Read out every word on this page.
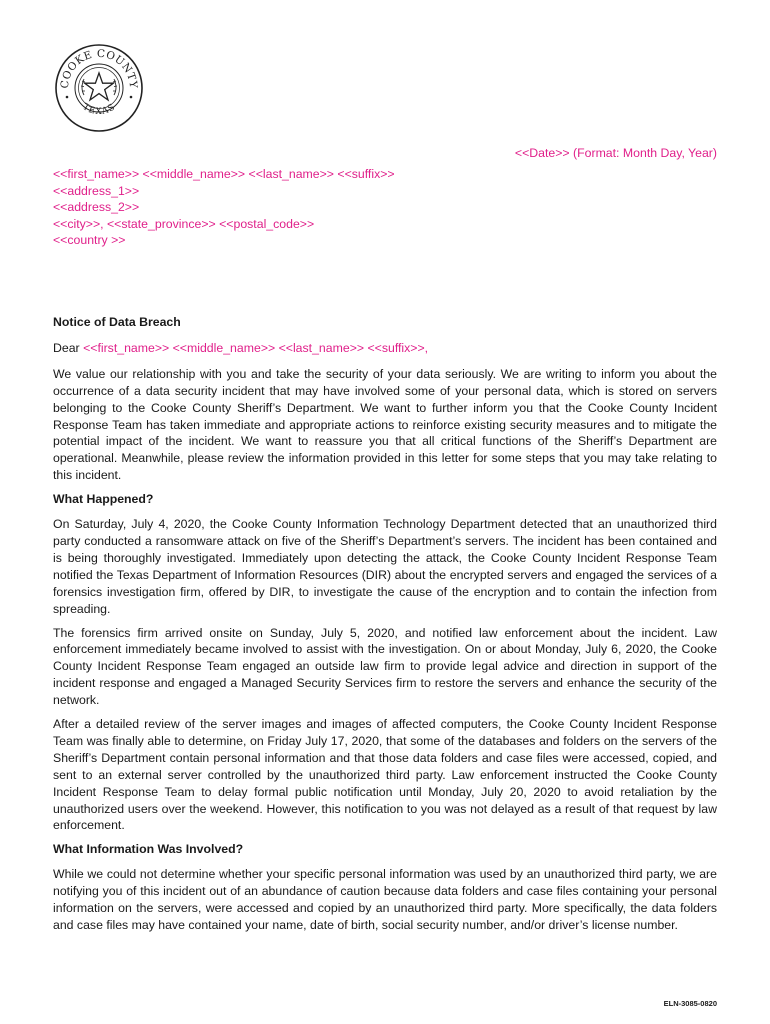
COOKE COUNTY
TEXAS
<<Date>> (Format: Month Day, Year)
<<first_name>> <<middle_name>> <<last_name>> <<suffix>>
<<address_1>>
<<address_2>>
<<city>>, <<state_province>> <<postal_code>>
<<country >>
Notice of Data Breach
Dear <<first_name>> <<middle_name>> <<last_name>> <<suffix>>,

We value our relationship with you and take the security of your data seriously. We are writing to inform you about the occurrence of a data security incident that may have involved some of your personal data, which is stored on servers belonging to the Cooke County Sheriff’s Department. We want to further inform you that the Cooke County Incident Response Team has taken immediate and appropriate actions to reinforce existing security measures and to mitigate the potential impact of the incident. We want to reassure you that all critical functions of the Sheriff’s Department are operational. Meanwhile, please review the information provided in this letter for some steps that you may take relating to this incident.

What Happened?

On Saturday, July 4, 2020, the Cooke County Information Technology Department detected that an unauthorized third party conducted a ransomware attack on five of the Sheriff’s Department’s servers. The incident has been contained and is being thoroughly investigated. Immediately upon detecting the attack, the Cooke County Incident Response Team notified the Texas Department of Information Resources (DIR) about the encrypted servers and engaged the services of a forensics investigation firm, offered by DIR, to investigate the cause of the encryption and to contain the infection from spreading.

The forensics firm arrived onsite on Sunday, July 5, 2020, and notified law enforcement about the incident. Law enforcement immediately became involved to assist with the investigation. On or about Monday, July 6, 2020, the Cooke County Incident Response Team engaged an outside law firm to provide legal advice and direction in support of the incident response and engaged a Managed Security Services firm to restore the servers and enhance the security of the network.

After a detailed review of the server images and images of affected computers, the Cooke County Incident Response Team was finally able to determine, on Friday July 17, 2020, that some of the databases and folders on the servers of the Sheriff’s Department contain personal information and that those data folders and case files were accessed, copied, and sent to an external server controlled by the unauthorized third party. Law enforcement instructed the Cooke County Incident Response Team to delay formal public notification until Monday, July 20, 2020 to avoid retaliation by the unauthorized users over the weekend. However, this notification to you was not delayed as a result of that request by law enforcement.

What Information Was Involved?

While we could not determine whether your specific personal information was used by an unauthorized third party, we are notifying you of this incident out of an abundance of caution because data folders and case files containing your personal information on the servers, were accessed and copied by an unauthorized third party. More specifically, the data folders and case files may have contained your name, date of birth, social security number, and/or driver’s license number.

ELN-3085-0820
